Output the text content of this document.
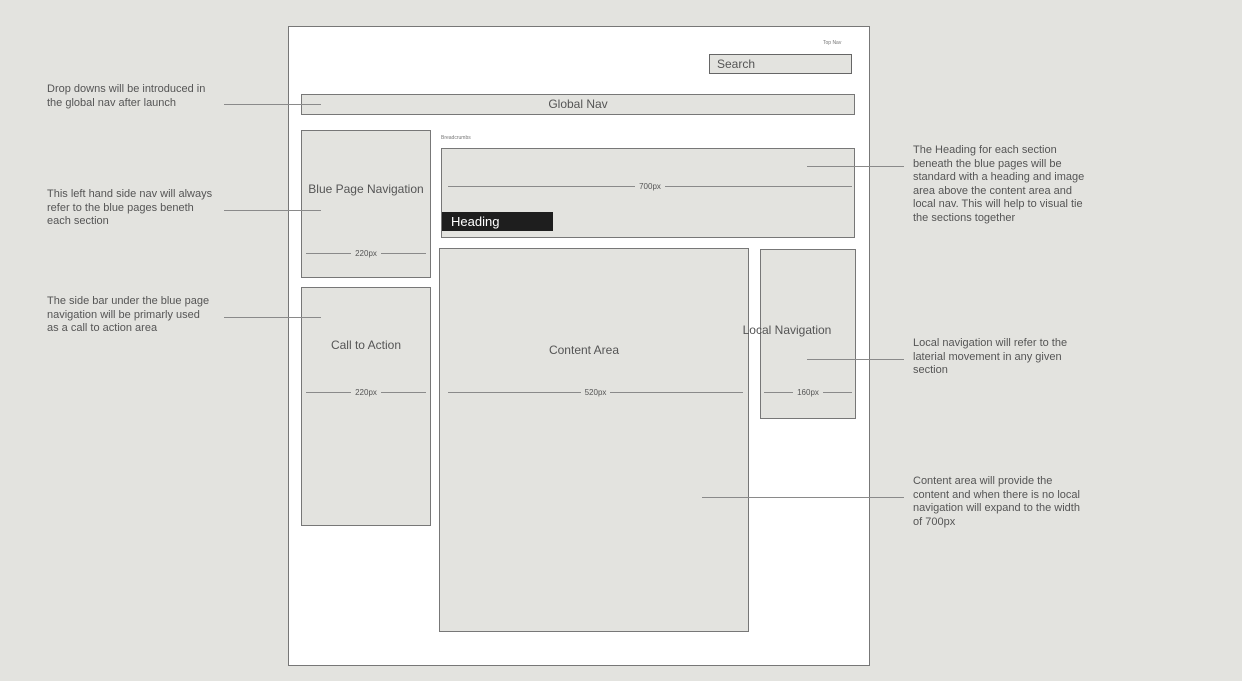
Top Nav
Search
Global Nav
Blue Page Navigation
220px
Call to Action
220px
Breadcrumbs
700px
Heading
Content Area
520px
Local Navigation
160px
Drop downs will be introduced in
the global nav after launch
This left hand side nav will always
refer to the blue pages beneth
each section
The side bar under the blue page
navigation will be primarly used
as a call to action area
The Heading for each section
beneath the blue pages will be
standard with a heading and image
area above the content area and
local nav. This will help to visual tie
the sections together
Local navigation will refer to the
laterial movement in any given
section
Content area will provide the
content and when there is no local
navigation will expand to the width
of 700px
